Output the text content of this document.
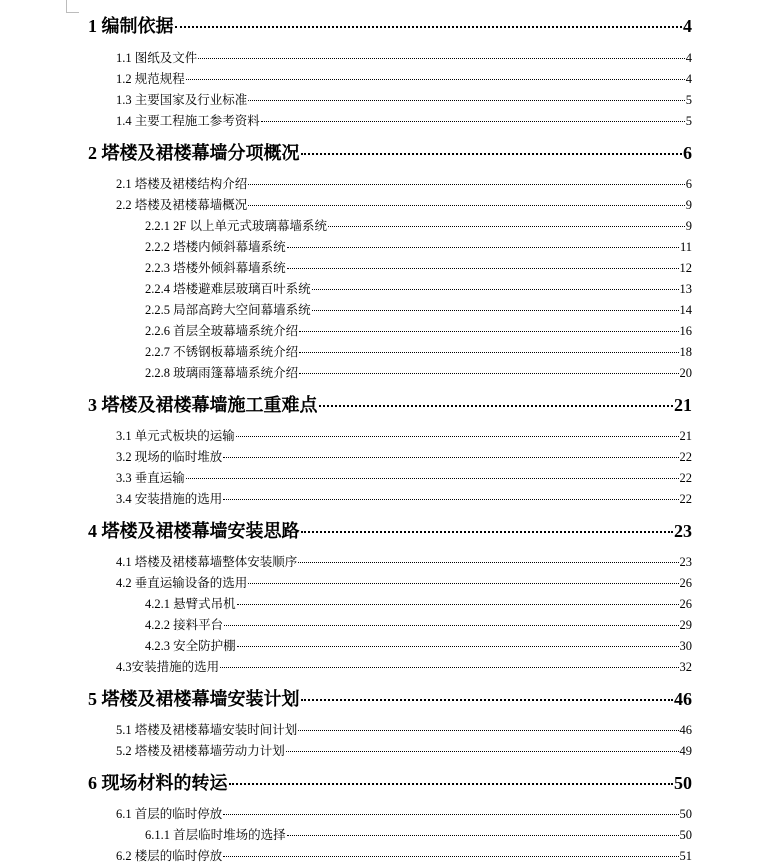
1 编制依据	4
1.1 图纸及文件	4
1.2 规范规程	4
1.3 主要国家及行业标准	5
1.4 主要工程施工参考资料	5
2 塔楼及裙楼幕墙分项概况	6
2.1 塔楼及裙楼结构介绍	6
2.2 塔楼及裙楼幕墙概况	9
2.2.1 2F 以上单元式玻璃幕墙系统	9
2.2.2 塔楼内倾斜幕墙系统	11
2.2.3 塔楼外倾斜幕墙系统	12
2.2.4 塔楼避难层玻璃百叶系统	13
2.2.5 局部高跨大空间幕墙系统	14
2.2.6 首层全玻幕墙系统介绍	16
2.2.7 不锈钢板幕墙系统介绍	18
2.2.8 玻璃雨篷幕墙系统介绍	20
3 塔楼及裙楼幕墙施工重难点	21
3.1 单元式板块的运输	21
3.2 现场的临时堆放	22
3.3 垂直运输	22
3.4 安装措施的选用	22
4 塔楼及裙楼幕墙安装思路	23
4.1 塔楼及裙楼幕墙整体安装顺序	23
4.2 垂直运输设备的选用	26
4.2.1 悬臂式吊机	26
4.2.2 接料平台	29
4.2.3 安全防护棚	30
4.3安装措施的选用	32
5 塔楼及裙楼幕墙安装计划	46
5.1 塔楼及裙楼幕墙安装时间计划	46
5.2 塔楼及裙楼幕墙劳动力计划	49
6 现场材料的转运	50
6.1 首层的临时停放	50
6.1.1 首层临时堆场的选择	50
6.2 楼层的临时停放	51
